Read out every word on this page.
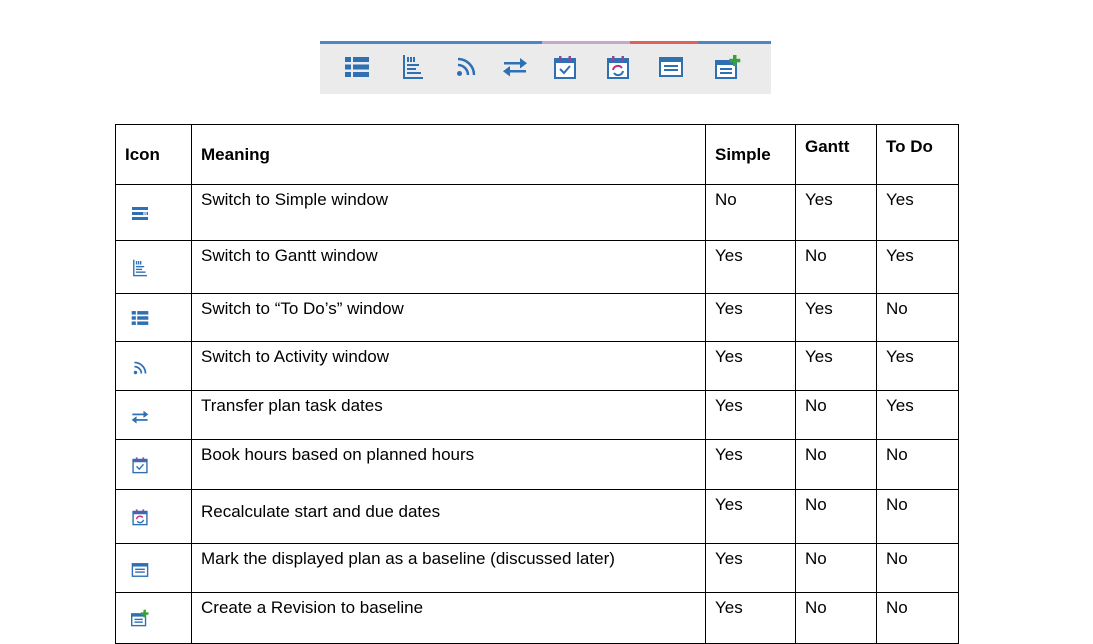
Icon	Meaning	Simple	Gantt	To Do

	Switch to Simple window	No	Yes	Yes

	Switch to Gantt window	Yes	No	Yes

	Switch to “To Do’s” window	Yes	Yes	No

	Switch to Activity window	Yes	Yes	Yes

	Transfer plan task dates	Yes	No	Yes

	Book hours based on planned hours	Yes	No	No

	Recalculate start and due dates	Yes	No	No

	Mark the displayed plan as a baseline (discussed later)	Yes	No	No

	Create a Revision to baseline	Yes	No	No
